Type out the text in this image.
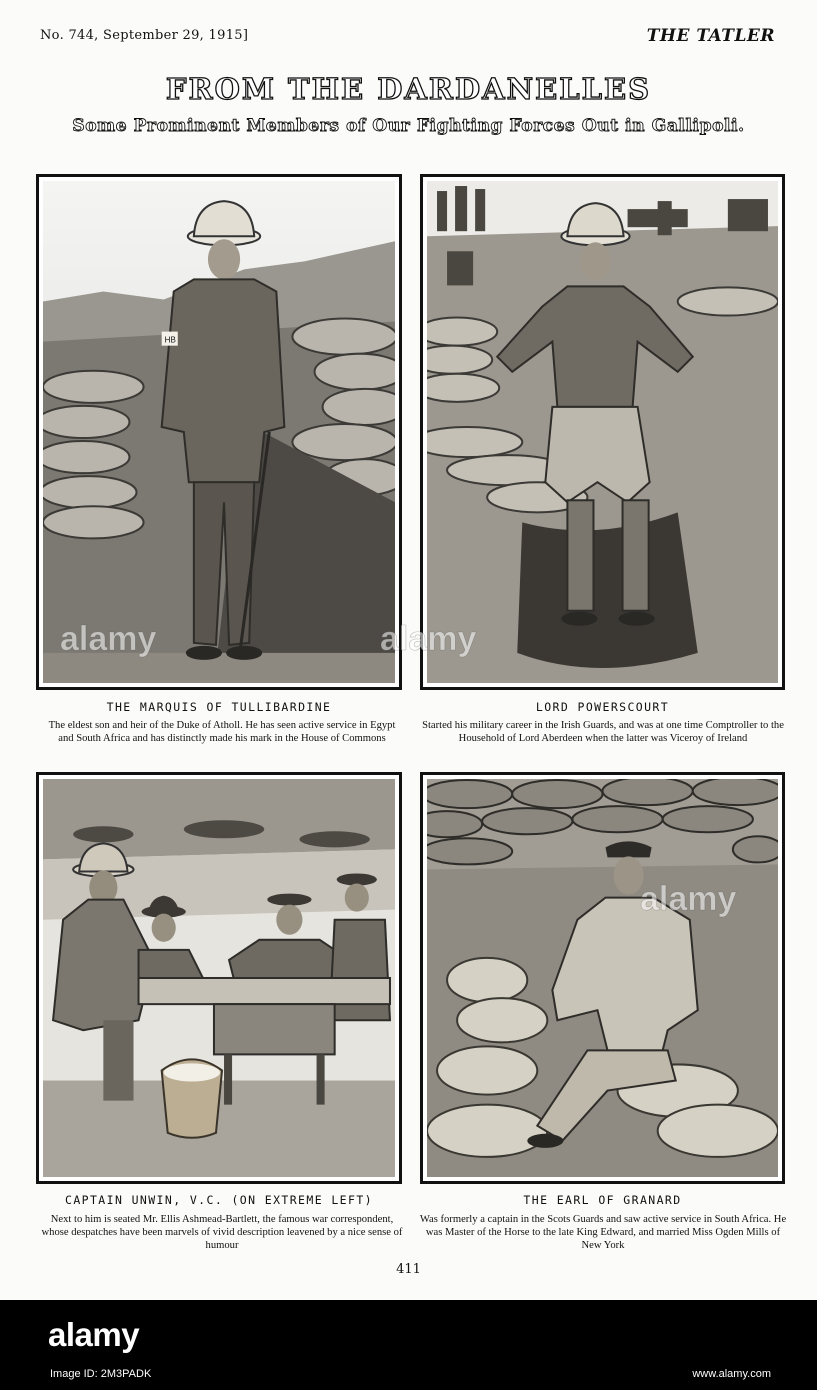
No. 744, September 29, 1915]	THE TATLER
FROM THE DARDANELLES
Some Prominent Members of Our Fighting Forces Out in Gallipoli.
HB
THE MARQUIS OF TULLIBARDINE
The eldest son and heir of the Duke of Atholl. He has seen active service in Egypt and South Africa and has distinctly made his mark in the House of Commons
LORD POWERSCOURT
Started his military career in the Irish Guards, and was at one time Comptroller to the Household of Lord Aberdeen when the latter was Viceroy of Ireland
CAPTAIN UNWIN, V.C. (ON EXTREME LEFT)
Next to him is seated Mr. Ellis Ashmead-Bartlett, the famous war correspondent, whose despatches have been marvels of vivid description leavened by a nice sense of humour
THE EARL OF GRANARD
Was formerly a captain in the Scots Guards and saw active service in South Africa. He was Master of the Horse to the late King Edward, and married Miss Ogden Mills of New York
alamy	alamy
alamy
411
alamy
Image ID: 2M3PADK	www.alamy.com
